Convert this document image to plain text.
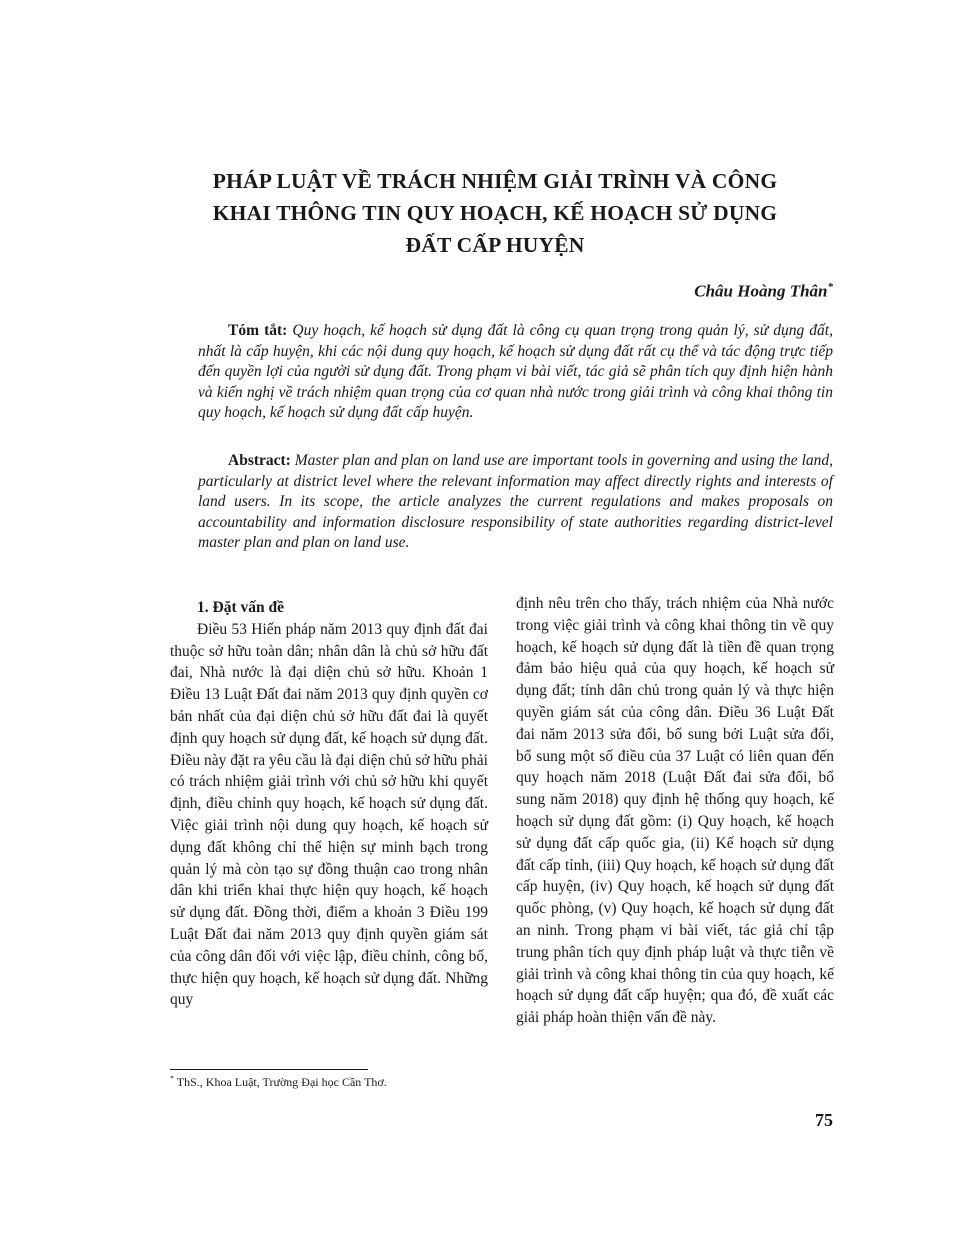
PHÁP LUẬT VỀ TRÁCH NHIỆM GIẢI TRÌNH VÀ CÔNG
KHAI THÔNG TIN QUY HOẠCH, KẾ HOẠCH SỬ DỤNG
ĐẤT CẤP HUYỆN
Châu Hoàng Thân*
Tóm tắt: Quy hoạch, kế hoạch sử dụng đất là công cụ quan trọng trong quản lý, sử dụng đất, nhất là cấp huyện, khi các nội dung quy hoạch, kế hoạch sử dụng đất rất cụ thể và tác động trực tiếp đến quyền lợi của người sử dụng đất. Trong phạm vi bài viết, tác giả sẽ phân tích quy định hiện hành và kiến nghị về trách nhiệm quan trọng của cơ quan nhà nước trong giải trình và công khai thông tin quy hoạch, kế hoạch sử dụng đất cấp huyện.
Abstract: Master plan and plan on land use are important tools in governing and using the land, particularly at district level where the relevant information may affect directly rights and interests of land users. In its scope, the article analyzes the current regulations and makes proposals on accountability and information disclosure responsibility of state authorities regarding district-level master plan and plan on land use.
1. Đặt vấn đề

Điều 53 Hiến pháp năm 2013 quy định đất đai thuộc sở hữu toàn dân; nhân dân là chủ sở hữu đất đai, Nhà nước là đại diện chủ sở hữu. Khoản 1 Điều 13 Luật Đất đai năm 2013 quy định quyền cơ bản nhất của đại diện chủ sở hữu đất đai là quyết định quy hoạch sử dụng đất, kế hoạch sử dụng đất. Điều này đặt ra yêu cầu là đại diện chủ sở hữu phải có trách nhiệm giải trình với chủ sở hữu khi quyết định, điều chỉnh quy hoạch, kế hoạch sử dụng đất. Việc giải trình nội dung quy hoạch, kế hoạch sử dụng đất không chỉ thể hiện sự minh bạch trong quản lý mà còn tạo sự đồng thuận cao trong nhân dân khi triển khai thực hiện quy hoạch, kế hoạch sử dụng đất. Đồng thời, điểm a khoản 3 Điều 199 Luật Đất đai năm 2013 quy định quyền giám sát của công dân đối với việc lập, điều chỉnh, công bố, thực hiện quy hoạch, kế hoạch sử dụng đất. Những quy

định nêu trên cho thấy, trách nhiệm của Nhà nước trong việc giải trình và công khai thông tin về quy hoạch, kế hoạch sử dụng đất là tiền đề quan trọng đảm bảo hiệu quả của quy hoạch, kế hoạch sử dụng đất; tính dân chủ trong quản lý và thực hiện quyền giám sát của công dân. Điều 36 Luật Đất đai năm 2013 sửa đổi, bổ sung bởi Luật sửa đổi, bổ sung một số điều của 37 Luật có liên quan đến quy hoạch năm 2018 (Luật Đất đai sửa đổi, bổ sung năm 2018) quy định hệ thống quy hoạch, kế hoạch sử dụng đất gồm: (i) Quy hoạch, kế hoạch sử dụng đất cấp quốc gia, (ii) Kế hoạch sử dụng đất cấp tỉnh, (iii) Quy hoạch, kế hoạch sử dụng đất cấp huyện, (iv) Quy hoạch, kế hoạch sử dụng đất quốc phòng, (v) Quy hoạch, kế hoạch sử dụng đất an ninh. Trong phạm vi bài viết, tác giả chỉ tập trung phân tích quy định pháp luật và thực tiễn về giải trình và công khai thông tin của quy hoạch, kế hoạch sử dụng đất cấp huyện; qua đó, đề xuất các giải pháp hoàn thiện vấn đề này.

* ThS., Khoa Luật, Trường Đại học Cần Thơ.
75
